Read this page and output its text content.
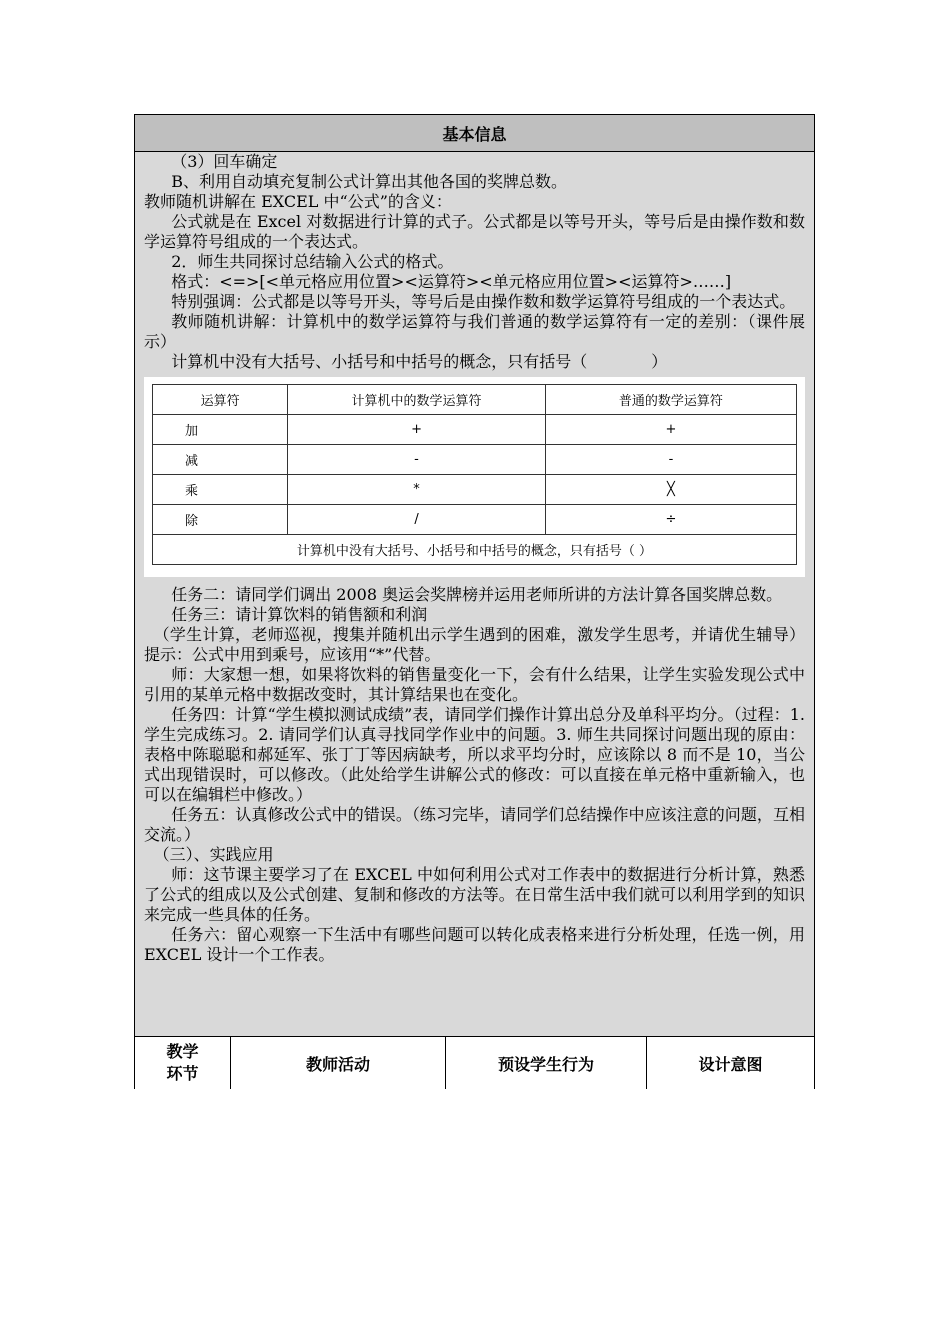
基本信息

（3）回车确定

B、利用自动填充复制公式计算出其他各国的奖牌总数。

教师随机讲解在 EXCEL 中“公式”的含义：

公式就是在 Excel 对数据进行计算的式子。公式都是以等号开头，等号后是由操作数和数学运算符号组成的一个表达式。

2．师生共同探讨总结输入公式的格式。

格式：<=>[<单元格应用位置><运算符><单元格应用位置><运算符>……]

特别强调：公式都是以等号开头，等号后是由操作数和数学运算符号组成的一个表达式。

教师随机讲解：计算机中的数学运算符与我们普通的数学运算符有一定的差别：（课件展示）

计算机中没有大括号、小括号和中括号的概念，只有括号（　　　　）

运算符	计算机中的数学运算符	普通的数学运算符
加	+	+
减	-	-
乘	*	╳
除	/	÷
计算机中没有大括号、小括号和中括号的概念，只有括号（ ）		

任务二：请同学们调出 2008 奥运会奖牌榜并运用老师所讲的方法计算各国奖牌总数。

任务三：请计算饮料的销售额和利润

（学生计算，老师巡视，搜集并随机出示学生遇到的困难，激发学生思考，并请优生辅导）提示：公式中用到乘号，应该用“*”代替。

师：大家想一想，如果将饮料的销售量变化一下，会有什么结果，让学生实验发现公式中引用的某单元格中数据改变时，其计算结果也在变化。

任务四：计算“学生模拟测试成绩”表，请同学们操作计算出总分及单科平均分。（过程：1. 学生完成练习。2. 请同学们认真寻找同学作业中的问题。3. 师生共同探讨问题出现的原由：表格中陈聪聪和郝延军、张丁丁等因病缺考，所以求平均分时，应该除以 8 而不是 10，当公式出现错误时，可以修改。（此处给学生讲解公式的修改：可以直接在单元格中重新输入，也可以在编辑栏中修改。）

任务五：认真修改公式中的错误。（练习完毕，请同学们总结操作中应该注意的问题，互相交流。）

（三）、实践应用

师：这节课主要学习了在 EXCEL 中如何利用公式对工作表中的数据进行分析计算，熟悉了公式的组成以及公式创建、复制和修改的方法等。在日常生活中我们就可以利用学到的知识来完成一些具体的任务。

任务六：留心观察一下生活中有哪些问题可以转化成表格来进行分析处理，任选一例，用 EXCEL 设计一个工作表。

教学
环节	教师活动	预设学生行为	设计意图
